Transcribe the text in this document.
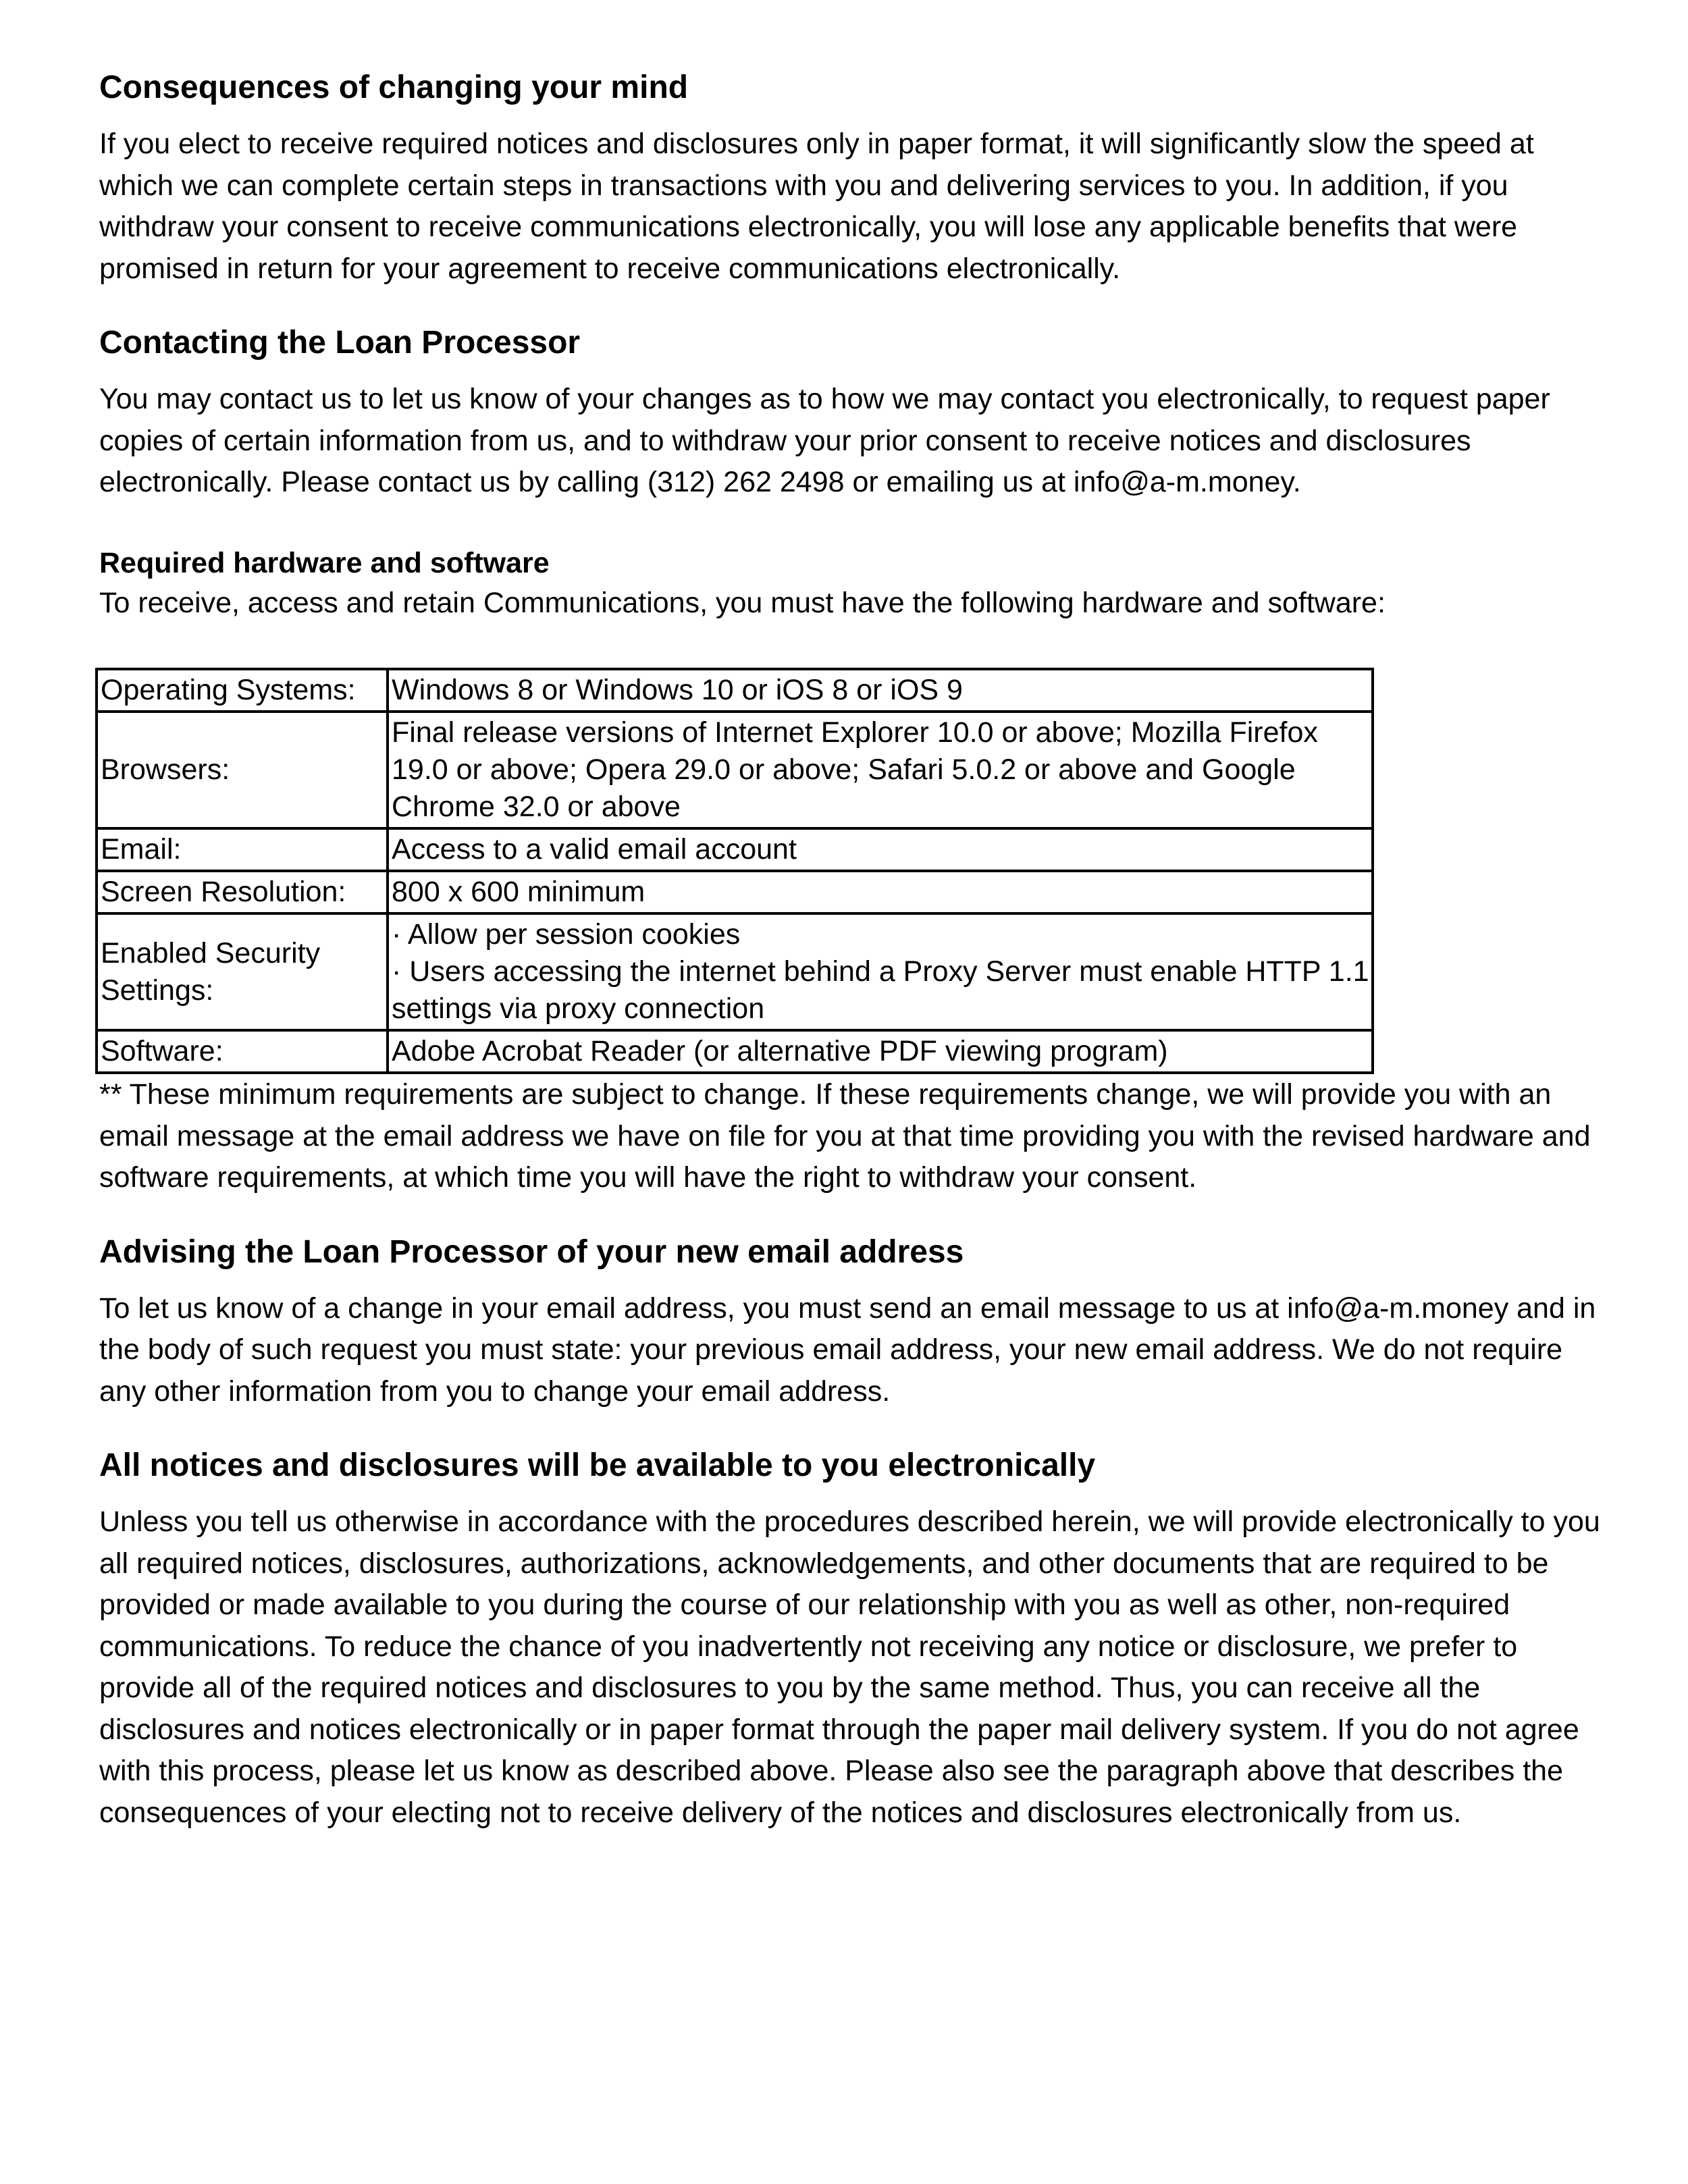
Consequences of changing your mind

If you elect to receive required notices and disclosures only in paper format, it will significantly slow the speed at which we can complete certain steps in transactions with you and delivering services to you. In addition, if you withdraw your consent to receive communications electronically, you will lose any applicable benefits that were promised in return for your agreement to receive communications electronically.

Contacting the Loan Processor

You may contact us to let us know of your changes as to how we may contact you electronically, to request paper copies of certain information from us, and to withdraw your prior consent to receive notices and disclosures electronically. Please contact us by calling (312) 262 2498 or emailing us at info@a-m.money.

Required hardware and software

To receive, access and retain Communications, you must have the following hardware and software:

Operating Systems:	Windows 8 or Windows 10 or iOS 8 or iOS 9
Browsers:	Final release versions of Internet Explorer 10.0 or above; Mozilla Firefox 19.0 or above; Opera 29.0 or above; Safari 5.0.2 or above and Google Chrome 32.0 or above
Email:	Access to a valid email account
Screen Resolution:	800 x 600 minimum
Enabled Security Settings:	· Allow per session cookies
· Users accessing the internet behind a Proxy Server must enable HTTP 1.1 settings via proxy connection

Software:	Adobe Acrobat Reader (or alternative PDF viewing program)

** These minimum requirements are subject to change. If these requirements change, we will provide you with an email message at the email address we have on file for you at that time providing you with the revised hardware and software requirements, at which time you will have the right to withdraw your consent.

Advising the Loan Processor of your new email address

To let us know of a change in your email address, you must send an email message to us at info@a-m.money and in the body of such request you must state: your previous email address, your new email address. We do not require any other information from you to change your email address.

All notices and disclosures will be available to you electronically

Unless you tell us otherwise in accordance with the procedures described herein, we will provide electronically to you all required notices, disclosures, authorizations, acknowledgements, and other documents that are required to be provided or made available to you during the course of our relationship with you as well as other, non-required communications. To reduce the chance of you inadvertently not receiving any notice or disclosure, we prefer to provide all of the required notices and disclosures to you by the same method. Thus, you can receive all the disclosures and notices electronically or in paper format through the paper mail delivery system. If you do not agree with this process, please let us know as described above. Please also see the paragraph above that describes the consequences of your electing not to receive delivery of the notices and disclosures electronically from us.
